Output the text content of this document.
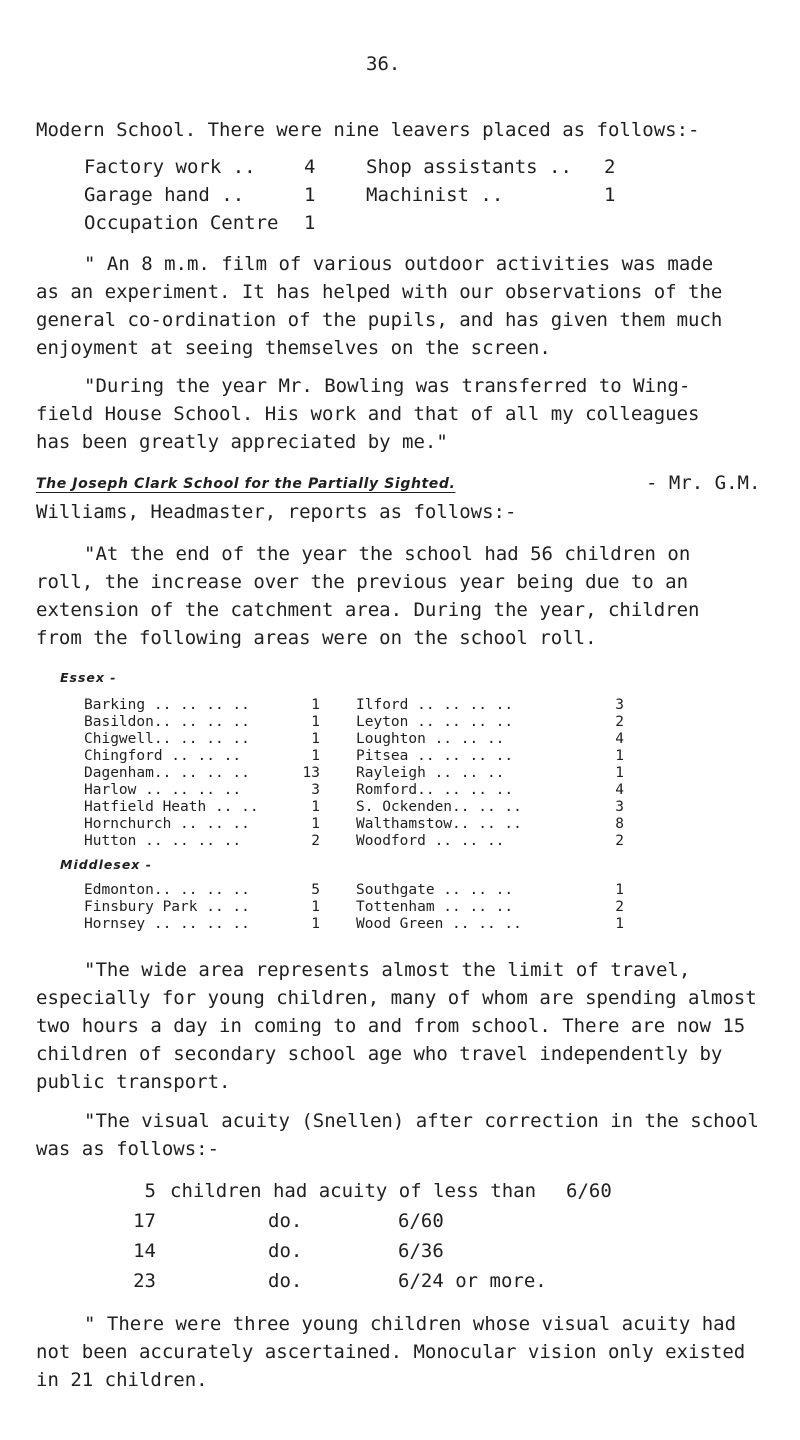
36.
Modern School. There were nine leavers placed as follows:-
Factory work ..	4	Shop assistants .. 2
Garage hand ..	1	Machinist ..	1
Occupation Centre 1
" An 8 m.m. film of various outdoor activities was made
as an experiment. It has helped with our observations of the
general co-ordination of the pupils, and has given them much
enjoyment at seeing themselves on the screen.
"During the year Mr. Bowling was transferred to Wing-
field House School. His work and that of all my colleagues
has been greatly appreciated by me."
The Joseph Clark School for the Partially Sighted.	- Mr. G.M.
Williams, Headmaster, reports as follows:-
"At the end of the year the school had 56 children on
roll, the increase over the previous year being due to an
extension of the catchment area. During the year, children
from the following areas were on the school roll.
Essex -
Barking .. .. .. ..	1 Ilford .. .. .. ..	3
Basildon.. .. .. ..	1 Leyton .. .. .. ..	2
Chigwell.. .. .. ..	1 Loughton .. .. ..	4
Chingford .. .. ..	1 Pitsea .. .. .. ..	1
Dagenham.. .. .. ..	13 Rayleigh .. .. ..	1
Harlow .. .. .. ..	3 Romford.. .. .. ..	4
Hatfield Heath .. ..	1 S. Ockenden.. .. ..	3
Hornchurch .. .. ..	1 Walthamstow.. .. ..	8
Hutton .. .. .. ..	2 Woodford .. .. ..	2
Middlesex -
Edmonton.. .. .. ..	5 Southgate .. .. ..	1
Finsbury Park .. ..	1 Tottenham .. .. ..	2
Hornsey .. .. .. ..	1 Wood Green .. .. ..	1
"The wide area represents almost the limit of travel,
especially for young children, many of whom are spending almost
two hours a day in coming to and from school. There are now 15
children of secondary school age who travel independently by
public transport.
"The visual acuity (Snellen) after correction in the school
was as follows:-
5 children had acuity of less than 6/60
17	do.	6/60
14	do.	6/36
23	do.	6/24 or more.
" There were three young children whose visual acuity had
not been accurately ascertained. Monocular vision only existed
in 21 children.
